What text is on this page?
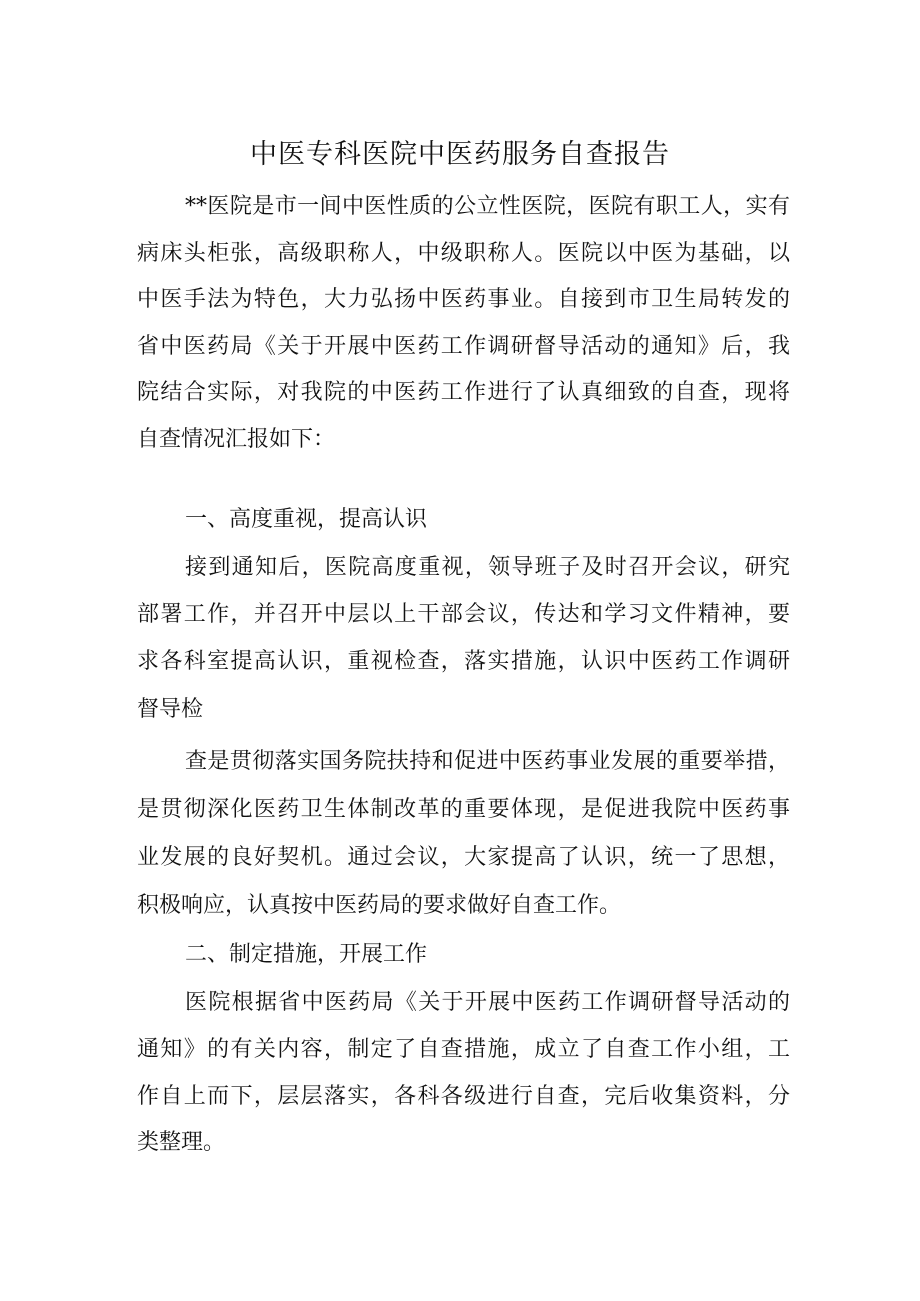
中医专科医院中医药服务自查报告
**医院是市一间中医性质的公立性医院，医院有职工人，实有
病床头柜张，高级职称人，中级职称人。医院以中医为基础，以
中医手法为特色，大力弘扬中医药事业。自接到市卫生局转发的
省中医药局《关于开展中医药工作调研督导活动的通知》后，我
院结合实际，对我院的中医药工作进行了认真细致的自查，现将
自查情况汇报如下：
一、高度重视，提高认识
接到通知后，医院高度重视，领导班子及时召开会议，研究
部署工作，并召开中层以上干部会议，传达和学习文件精神，要
求各科室提高认识，重视检查，落实措施，认识中医药工作调研
督导检
查是贯彻落实国务院扶持和促进中医药事业发展的重要举措，
是贯彻深化医药卫生体制改革的重要体现，是促进我院中医药事
业发展的良好契机。通过会议，大家提高了认识，统一了思想，
积极响应，认真按中医药局的要求做好自查工作。
二、制定措施，开展工作
医院根据省中医药局《关于开展中医药工作调研督导活动的
通知》的有关内容，制定了自查措施，成立了自查工作小组，工
作自上而下，层层落实，各科各级进行自查，完后收集资料，分
类整理。
